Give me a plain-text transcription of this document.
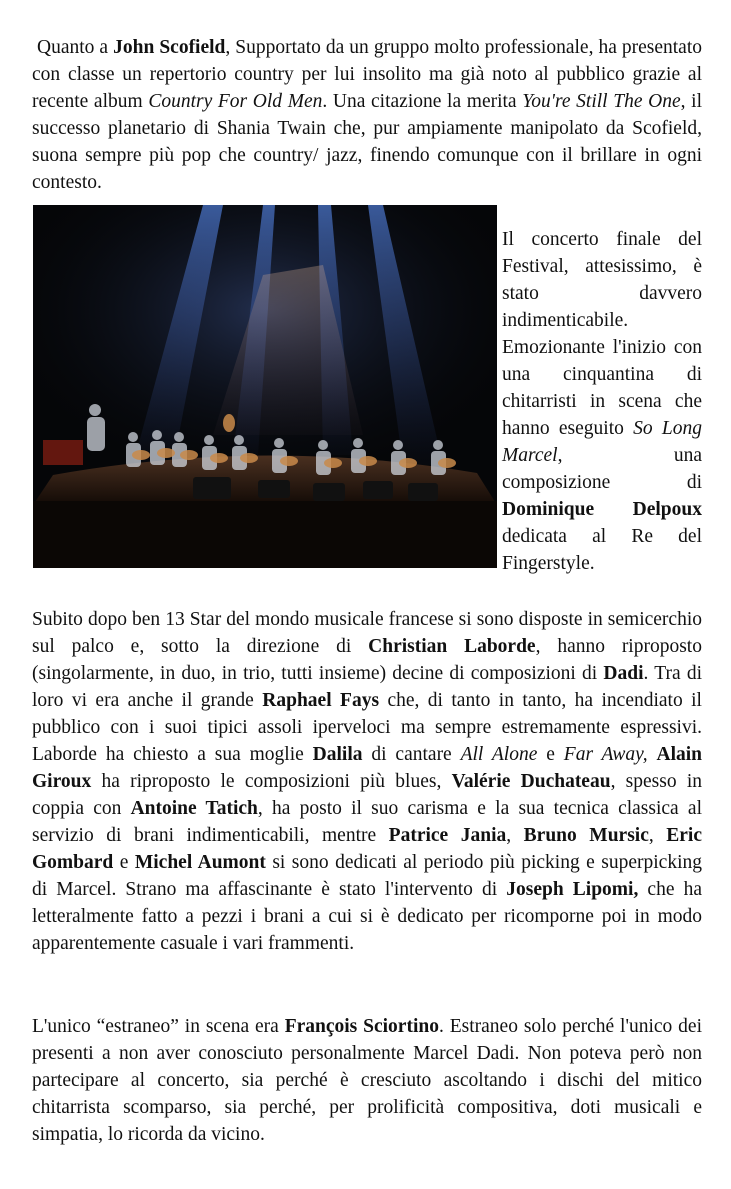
Quanto a John Scofield, Supportato da un gruppo molto professionale, ha presentato con classe un repertorio country per lui insolito ma già noto al pubblico grazie al recente album Country For Old Men. Una citazione la merita You're Still The One, il successo planetario di Shania Twain che, pur ampiamente manipolato da Scofield, suona sempre più pop che country/ jazz, finendo comunque con il brillare in ogni contesto.

Il concerto finale del Festival, attesissimo, è stato davvero indimenticabile. Emozionante l'inizio con una cinquantina di chitarristi in scena che hanno eseguito So Long Marcel, una composizione di Dominique Delpoux dedicata al Re del Fingerstyle.

Subito dopo ben 13 Star del mondo musicale francese si sono disposte in semicerchio sul palco e, sotto la direzione di Christian Laborde, hanno riproposto (singolarmente, in duo, in trio, tutti insieme) decine di composizioni di Dadi. Tra di loro vi era anche il grande Raphael Fays che, di tanto in tanto, ha incendiato il pubblico con i suoi tipici assoli iperveloci ma sempre estremamente espressivi. Laborde ha chiesto a sua moglie Dalila di cantare All Alone e Far Away, Alain Giroux ha riproposto le composizioni più blues, Valérie Duchateau, spesso in coppia con Antoine Tatich, ha posto il suo carisma e la sua tecnica classica al servizio di brani indimenticabili, mentre Patrice Jania, Bruno Mursic, Eric Gombard e Michel Aumont si sono dedicati al periodo più picking e superpicking di Marcel. Strano ma affascinante è stato l'intervento di Joseph Lipomi, che ha letteralmente fatto a pezzi i brani a cui si è dedicato per ricomporne poi in modo apparentemente casuale i vari frammenti.

L'unico “estraneo” in scena era François Sciortino. Estraneo solo perché l'unico dei presenti a non aver conosciuto personalmente Marcel Dadi. Non poteva però non partecipare al concerto, sia perché è cresciuto ascoltando i dischi del mitico chitarrista scomparso, sia perché, per prolificità compositiva, doti musicali e simpatia, lo ricorda da vicino.
